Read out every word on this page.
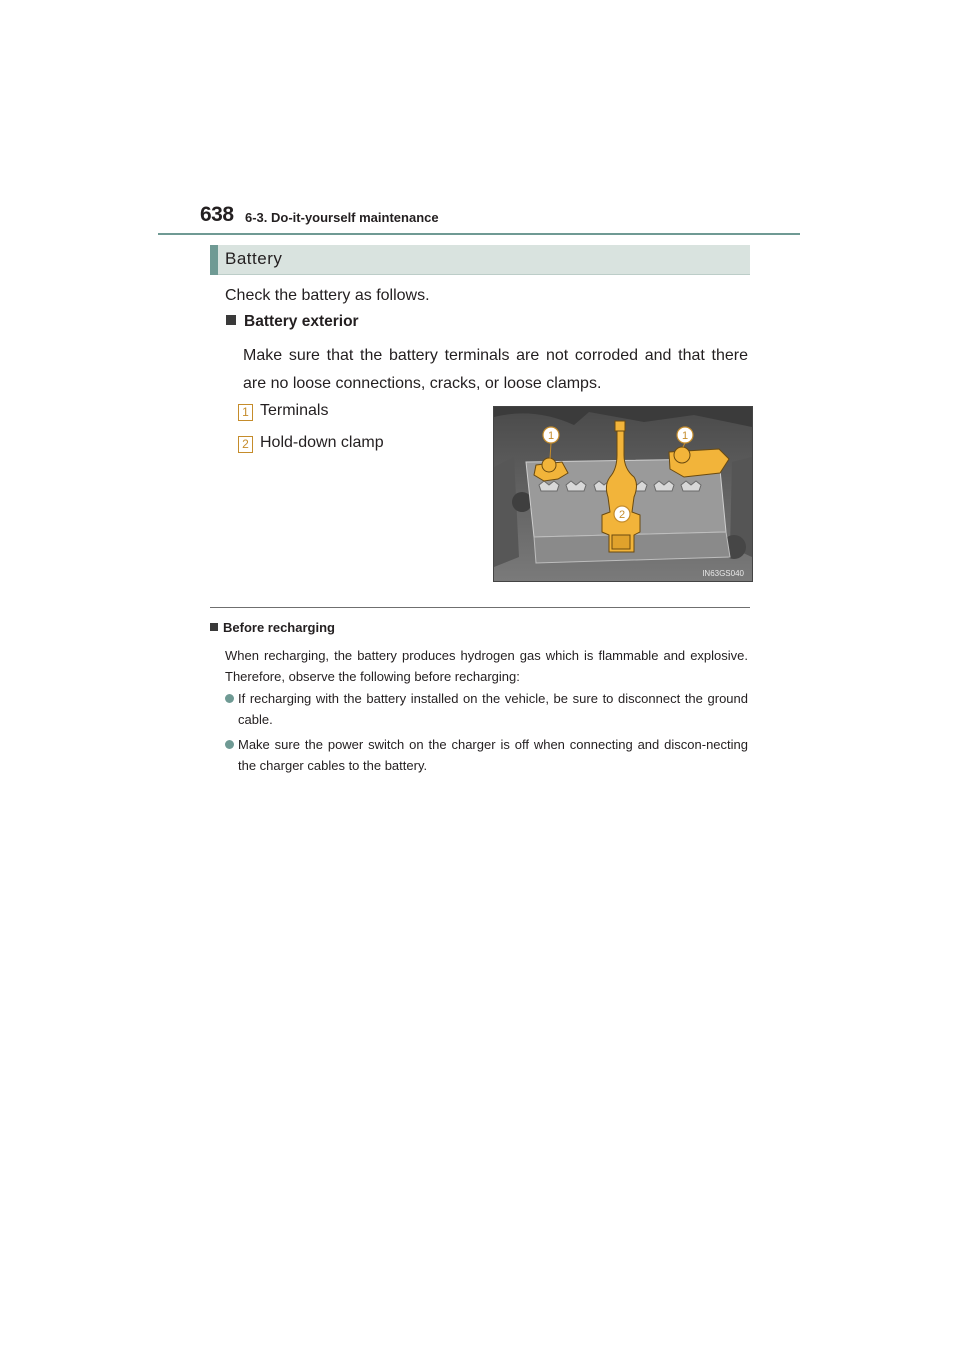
638 6-3. Do-it-yourself maintenance
Battery
Check the battery as follows.
Battery exterior
Make sure that the battery terminals are not corroded and that there are no loose connections, cracks, or loose clamps.
1 Terminals
2 Hold-down clamp	1	1
2
IN63GS040
Before recharging
When recharging, the battery produces hydrogen gas which is flammable and explosive. Therefore, observe the following before recharging:
If recharging with the battery installed on the vehicle, be sure to disconnect the ground cable.
Make sure the power switch on the charger is off when connecting and discon-necting the charger cables to the battery.
